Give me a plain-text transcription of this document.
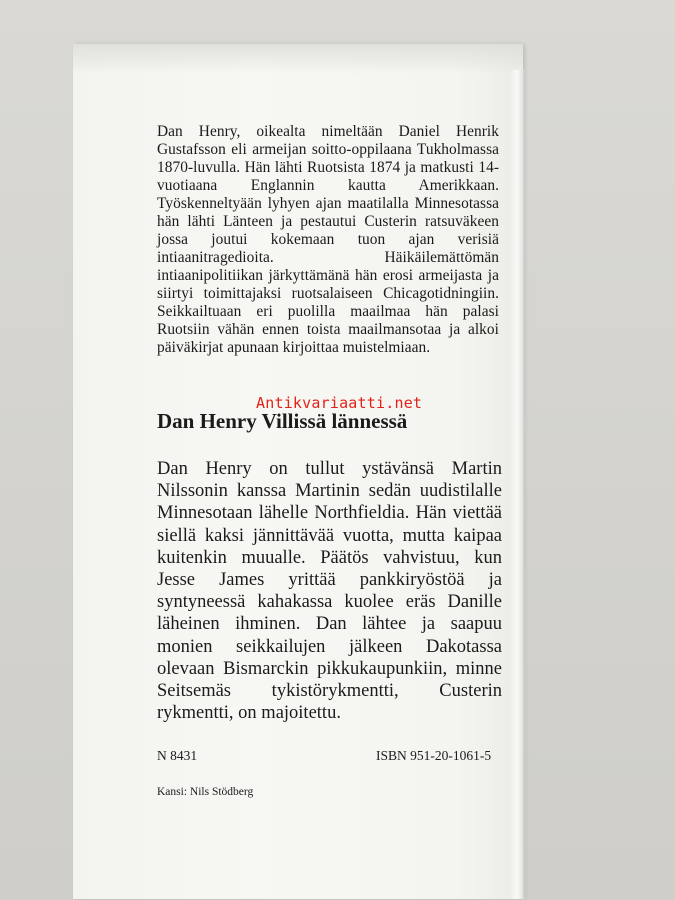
Dan Henry, oikealta nimeltään Daniel Henrik Gustafsson eli armeijan soitto-oppilaana Tukholmassa 1870-luvulla. Hän lähti Ruotsista 1874 ja matkusti 14-vuotiaana Englannin kautta Amerikkaan. Työskenneltyään lyhyen ajan maatilalla Minnesotassa hän lähti Länteen ja pestautui Custerin ratsuväkeen jossa joutui kokemaan tuon ajan verisiä intiaanitragedioita. Häikäilemättömän intiaanipolitiikan järkyttämänä hän erosi armeijasta ja siirtyi toimittajaksi ruotsalaiseen Chicagotidningiin. Seikkailtuaan eri puolilla maailmaa hän palasi Ruotsiin vähän ennen toista maailmansotaa ja alkoi päiväkirjat apunaan kirjoittaa muistelmiaan.

Dan Henry Villissä lännessä
Antikvariaatti.net

Dan Henry on tullut ystävänsä Martin Nilssonin kanssa Martinin sedän uudistilalle Minnesotaan lähelle Northfieldia. Hän viettää siellä kaksi jännittävää vuotta, mutta kaipaa kuitenkin muualle. Päätös vahvistuu, kun Jesse James yrittää pankkiryöstöä ja syntyneessä kahakassa kuolee eräs Danille läheinen ihminen. Dan lähtee ja saapuu monien seikkailujen jälkeen Dakotassa olevaan Bismarckin pikkukaupunkiin, minne Seitsemäs tykistörykmentti, Custerin rykmentti, on majoitettu.

N 8431	ISBN 951-20-1061-5
Kansi: Nils Stödberg
